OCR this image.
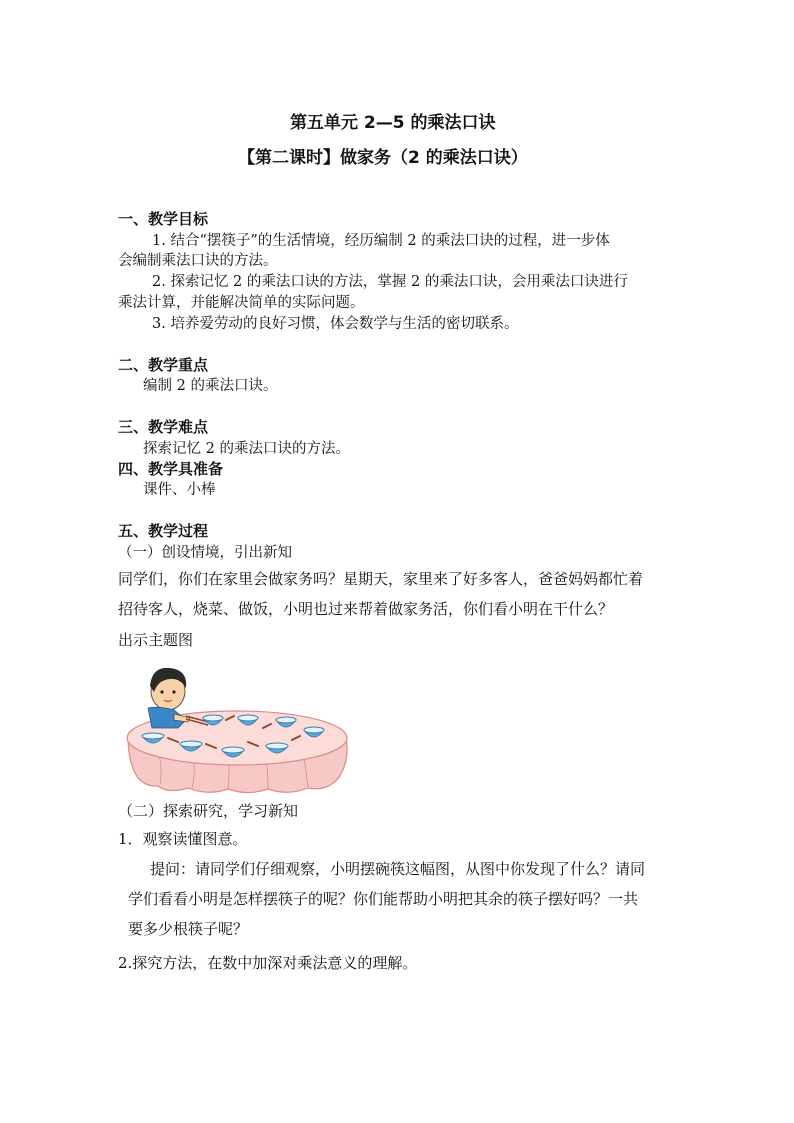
第五单元 2—5 的乘法口诀
【第二课时】做家务（2 的乘法口诀）
一、教学目标
1. 结合“摆筷子”的生活情境，经历编制 2 的乘法口诀的过程，进一步体
会编制乘法口诀的方法。
2. 探索记忆 2 的乘法口诀的方法，掌握 2 的乘法口诀，会用乘法口诀进行
乘法计算，并能解决简单的实际问题。
3. 培养爱劳动的良好习惯，体会数学与生活的密切联系。
二、教学重点
编制 2 的乘法口诀。
三、教学难点
探索记忆 2 的乘法口诀的方法。
四、教学具准备
课件、小棒
五、教学过程
（一）创设情境，引出新知
同学们，你们在家里会做家务吗？星期天，家里来了好多客人，爸爸妈妈都忙着
招待客人，烧菜、做饭，小明也过来帮着做家务活，你们看小明在干什么？
出示主题图
（二）探索研究，学习新知
1．观察读懂图意。
提问：请同学们仔细观察，小明摆碗筷这幅图，从图中你发现了什么？请同
学们看看小明是怎样摆筷子的呢？你们能帮助小明把其余的筷子摆好吗？一共
要多少根筷子呢？
2.探究方法，在数中加深对乘法意义的理解。
